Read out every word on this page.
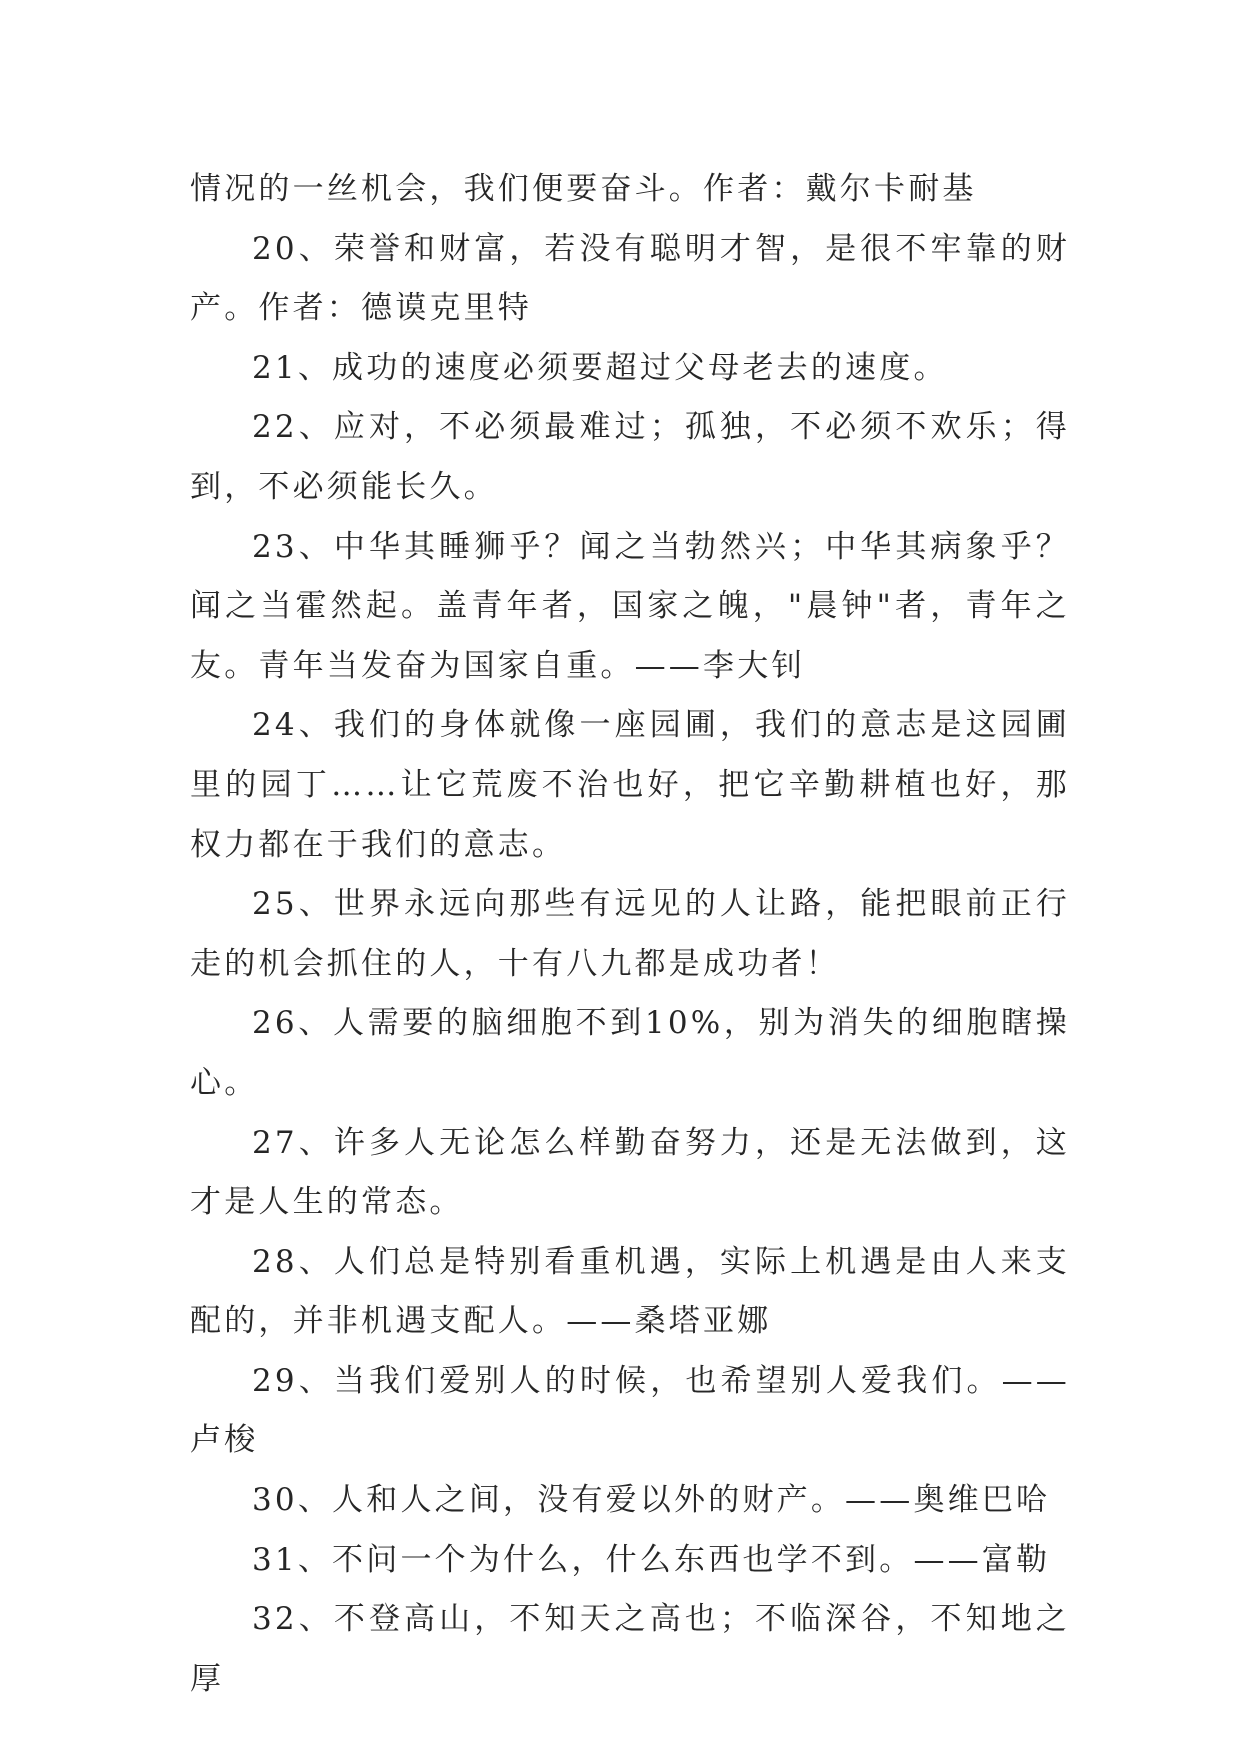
情况的一丝机会，我们便要奋斗。作者：戴尔卡耐基

20、荣誉和财富，若没有聪明才智，是很不牢靠的财产。作者：德谟克里特

21、成功的速度必须要超过父母老去的速度。

22、应对，不必须最难过；孤独，不必须不欢乐；得到，不必须能长久。

23、中华其睡狮乎？闻之当勃然兴；中华其病象乎？闻之当霍然起。盖青年者，国家之魄，"晨钟"者，青年之友。青年当发奋为国家自重。——李大钊

24、我们的身体就像一座园圃，我们的意志是这园圃里的园丁……让它荒废不治也好，把它辛勤耕植也好，那权力都在于我们的意志。

25、世界永远向那些有远见的人让路，能把眼前正行走的机会抓住的人，十有八九都是成功者！

26、人需要的脑细胞不到10%，别为消失的细胞瞎操心。

27、许多人无论怎么样勤奋努力，还是无法做到，这才是人生的常态。

28、人们总是特别看重机遇，实际上机遇是由人来支配的，并非机遇支配人。——桑塔亚娜

29、当我们爱别人的时候，也希望别人爱我们。——卢梭

30、人和人之间，没有爱以外的财产。——奥维巴哈

31、不问一个为什么，什么东西也学不到。——富勒

32、不登高山，不知天之高也；不临深谷，不知地之厚
